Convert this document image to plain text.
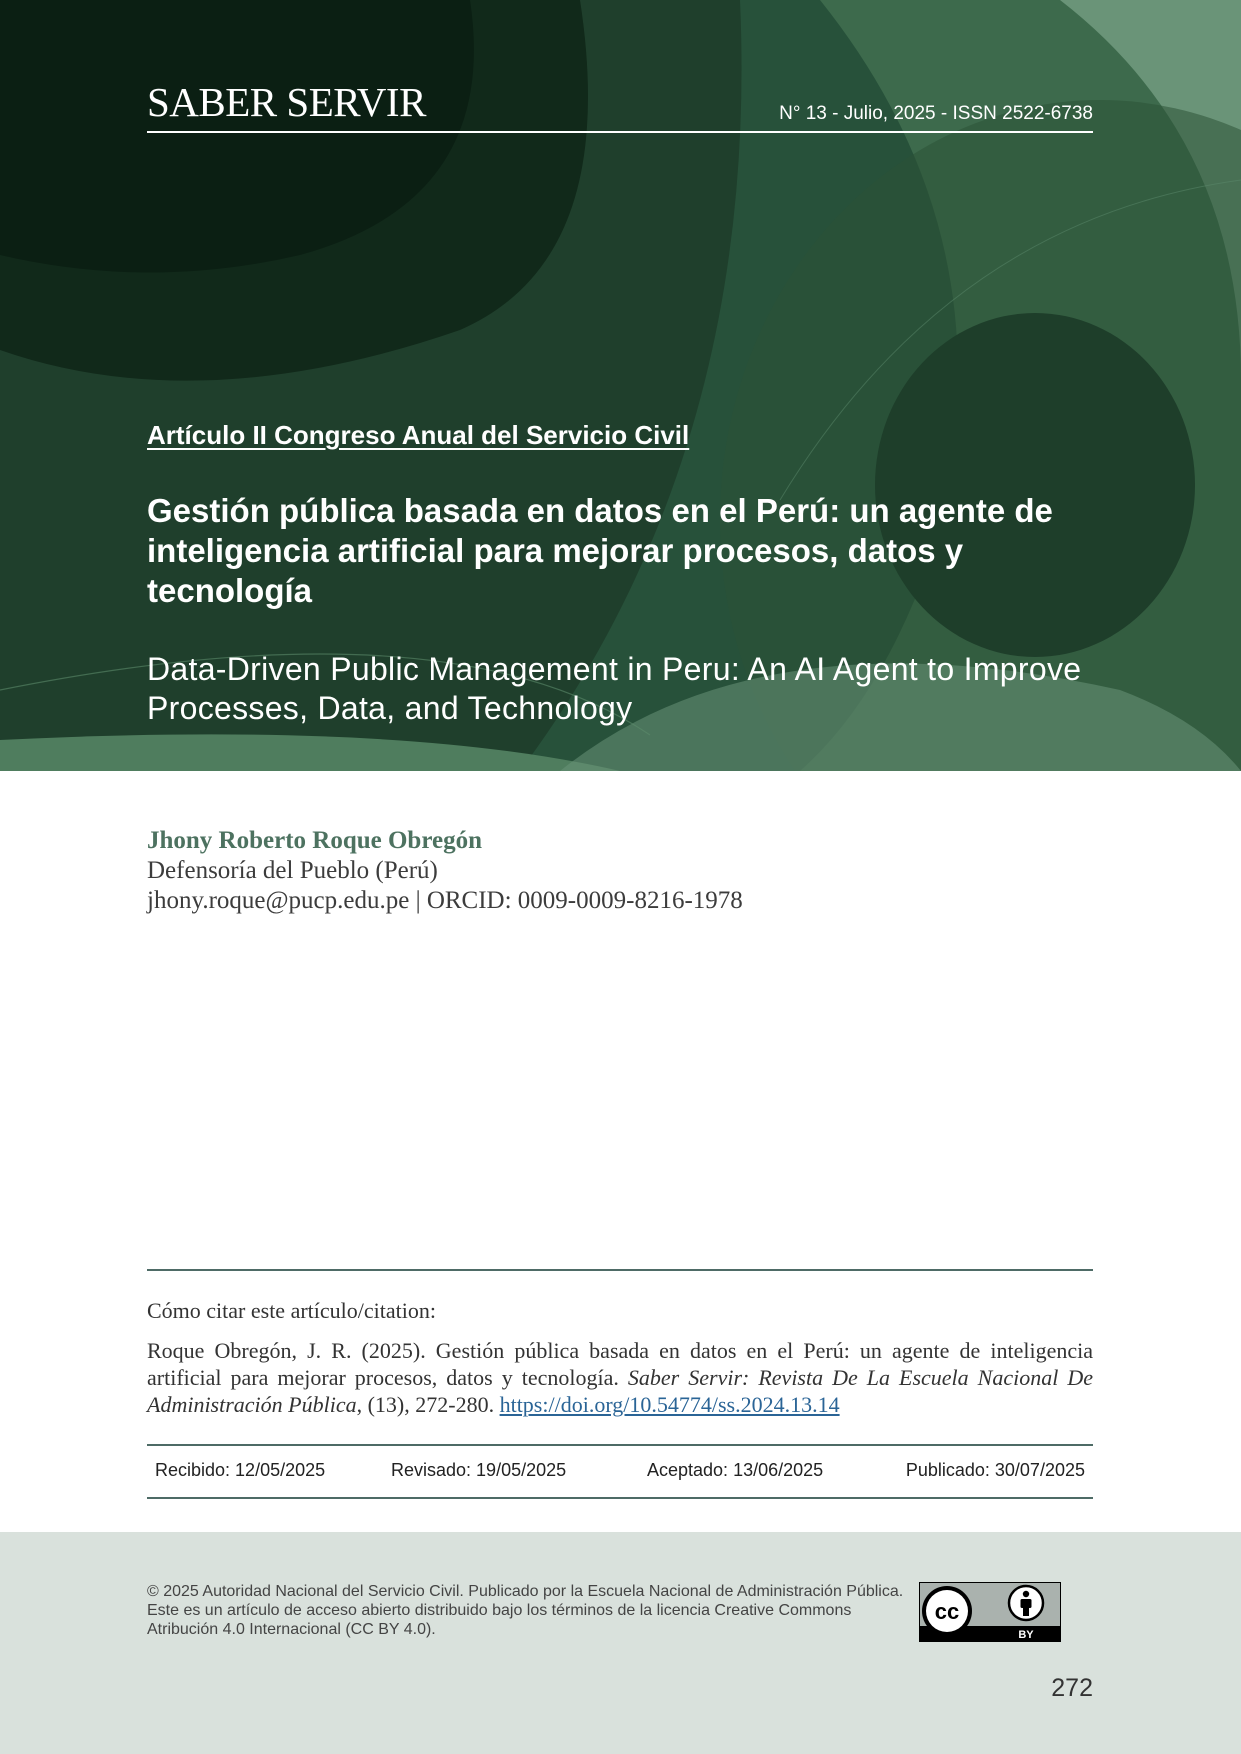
SABER SERVIR	N° 13 - Julio, 2025 - ISSN 2522-6738
Artículo II Congreso Anual del Servicio Civil
Gestión pública basada en datos en el Perú: un agente de inteligencia artificial para mejorar procesos, datos y tecnología
Data-Driven Public Management in Peru: An AI Agent to Improve Processes, Data, and Technology
Jhony Roberto Roque Obregón
Defensoría del Pueblo (Perú)
jhony.roque@pucp.edu.pe | ORCID: 0009-0009-8216-1978
Cómo citar este artículo/citation:
Roque Obregón, J. R. (2025). Gestión pública basada en datos en el Perú: un agente de inteligencia artificial para mejorar procesos, datos y tecnología. Saber Servir: Revista De La Escuela Nacional De Administración Pública, (13), 272-280. https://doi.org/10.54774/ss.2024.13.14
Recibido: 12/05/2025	Revisado: 19/05/2025	Aceptado: 13/06/2025	Publicado: 30/07/2025
© 2025 Autoridad Nacional del Servicio Civil. Publicado por la Escuela Nacional de Administración Pública. Este es un artículo de acceso abierto distribuido bajo los términos de la licencia Creative Commons Atribución 4.0 Internacional (CC BY 4.0).
cc
BY
272
